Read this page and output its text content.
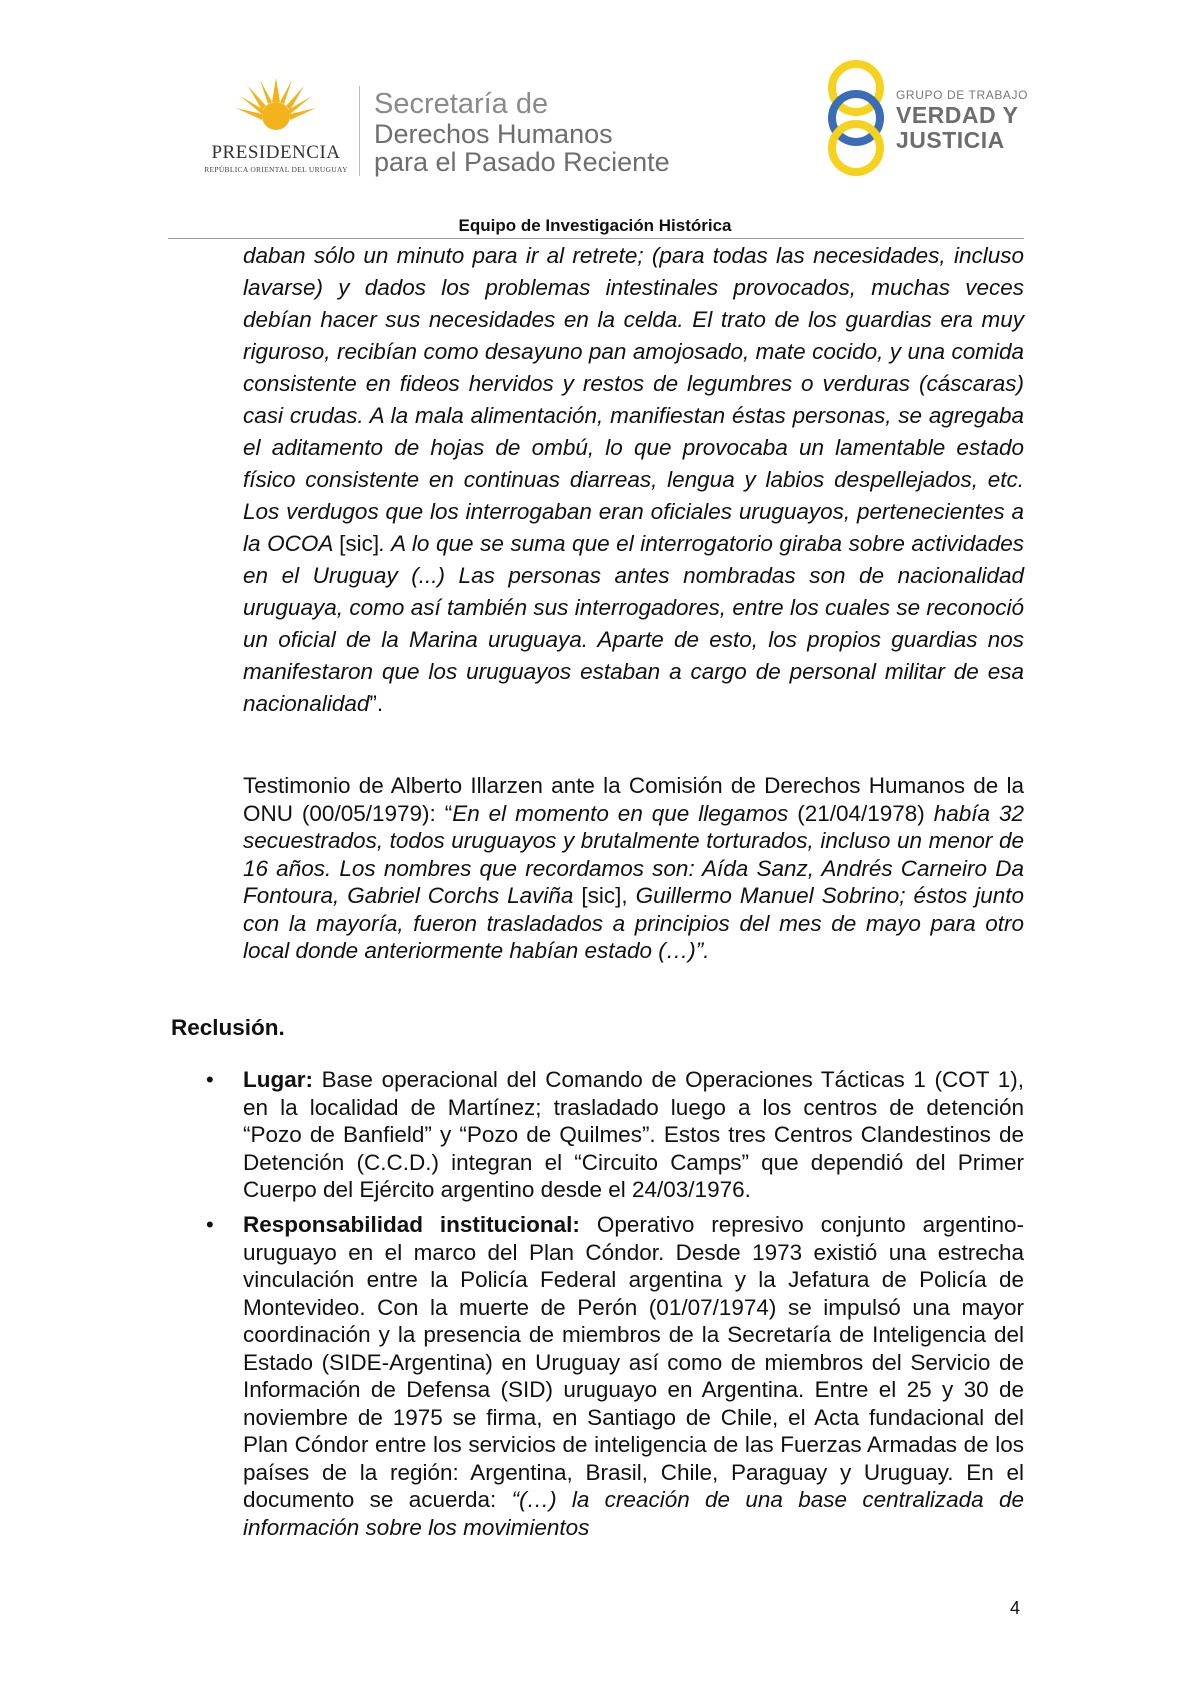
PRESIDENCIA
REPÚBLICA ORIENTAL DEL URUGUAY
Secretaría de
Derechos Humanos
para el Pasado Reciente
GRUPO DE TRABAJO
VERDAD Y
JUSTICIA
Equipo de Investigación Histórica
daban sólo un minuto para ir al retrete; (para todas las necesidades, incluso lavarse) y dados los problemas intestinales provocados, muchas veces debían hacer sus necesidades en la celda. El trato de los guardias era muy riguroso, recibían como desayuno pan amojosado, mate cocido, y una comida consistente en fideos hervidos y restos de legumbres o verduras (cáscaras) casi crudas. A la mala alimentación, manifiestan éstas personas, se agregaba el aditamento de hojas de ombú, lo que provocaba un lamentable estado físico consistente en continuas diarreas, lengua y labios despellejados, etc. Los verdugos que los interrogaban eran oficiales uruguayos, pertenecientes a la OCOA [sic]. A lo que se suma que el interrogatorio giraba sobre actividades en el Uruguay (...) Las personas antes nombradas son de nacionalidad uruguaya, como así también sus interrogadores, entre los cuales se reconoció un oficial de la Marina uruguaya. Aparte de esto, los propios guardias nos manifestaron que los uruguayos estaban a cargo de personal militar de esa nacionalidad”.
Testimonio de Alberto Illarzen ante la Comisión de Derechos Humanos de la ONU (00/05/1979): “En el momento en que llegamos (21/04/1978) había 32 secuestrados, todos uruguayos y brutalmente torturados, incluso un menor de 16 años. Los nombres que recordamos son: Aída Sanz, Andrés Carneiro Da Fontoura, Gabriel Corchs Laviña [sic], Guillermo Manuel Sobrino; éstos junto con la mayoría, fueron trasladados a principios del mes de mayo para otro local donde anteriormente habían estado (…)”.
Reclusión.
• Lugar: Base operacional del Comando de Operaciones Tácticas 1 (COT 1), en la localidad de Martínez; trasladado luego a los centros de detención “Pozo de Banfield” y “Pozo de Quilmes”. Estos tres Centros Clandestinos de Detención (C.C.D.) integran el “Circuito Camps” que dependió del Primer Cuerpo del Ejército argentino desde el 24/03/1976.
• Responsabilidad institucional: Operativo represivo conjunto argentino-uruguayo en el marco del Plan Cóndor. Desde 1973 existió una estrecha vinculación entre la Policía Federal argentina y la Jefatura de Policía de Montevideo. Con la muerte de Perón (01/07/1974) se impulsó una mayor coordinación y la presencia de miembros de la Secretaría de Inteligencia del Estado (SIDE-Argentina) en Uruguay así como de miembros del Servicio de Información de Defensa (SID) uruguayo en Argentina. Entre el 25 y 30 de noviembre de 1975 se firma, en Santiago de Chile, el Acta fundacional del Plan Cóndor entre los servicios de inteligencia de las Fuerzas Armadas de los países de la región: Argentina, Brasil, Chile, Paraguay y Uruguay. En el documento se acuerda: “(…) la creación de una base centralizada de información sobre los movimientos
4
